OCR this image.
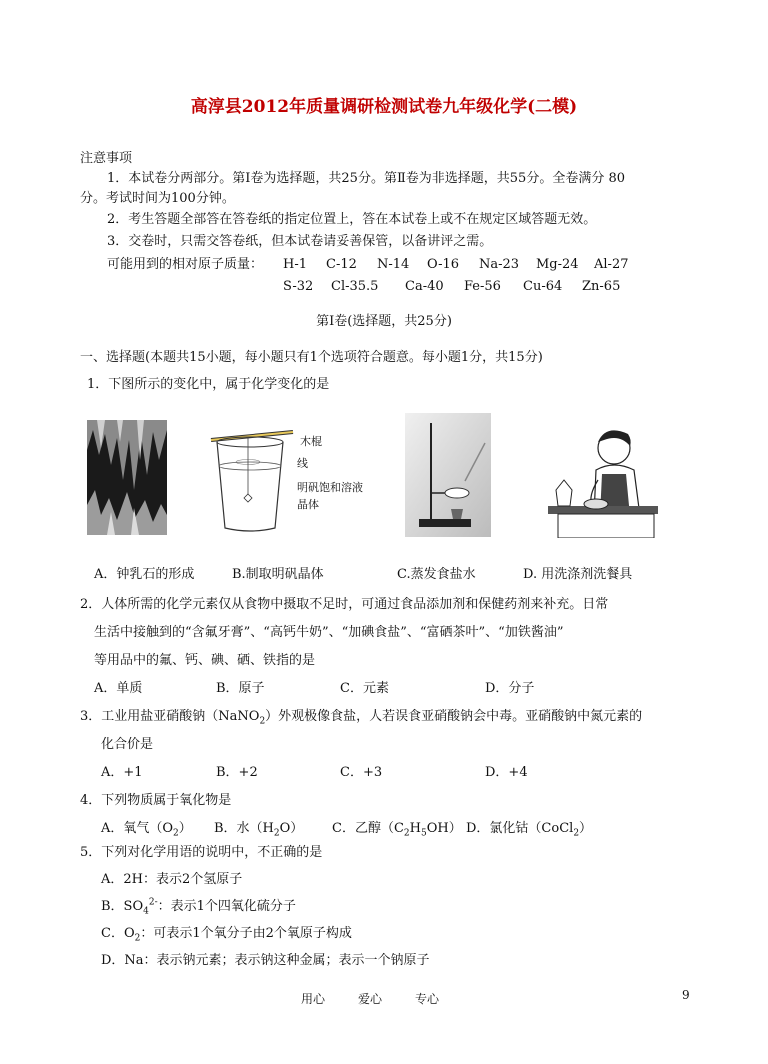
高淳县2012年质量调研检测试卷九年级化学(二模)
注意事项
1．本试卷分两部分。第Ⅰ卷为选择题，共25分。第Ⅱ卷为非选择题，共55分。全卷满分 80
分。考试时间为100分钟。
2．考生答题全部答在答卷纸的指定位置上，答在本试卷上或不在规定区域答题无效。
3．交卷时，只需交答卷纸，但本试卷请妥善保管，以备讲评之需。
可能用到的相对原子质量： H-1 C-12 N-14 O-16 Na-23 Mg-24 Al-27
S-32 Cl-35.5 Ca-40 Fe-56 Cu-64 Zn-65
第Ⅰ卷(选择题，共25分)
一、选择题(本题共15小题，每小题只有1个选项符合题意。每小题1分，共15分)
1．下图所示的变化中，属于化学变化的是
木棍
线
明矾饱和溶液
晶体
A．钟乳石的形成	B.制取明矾晶体	C.蒸发食盐水	D. 用洗涤剂洗餐具
2．人体所需的化学元素仅从食物中摄取不足时，可通过食品添加剂和保健药剂来补充。日常
生活中接触到的“含氟牙膏”、“高钙牛奶”、“加碘食盐”、“富硒茶叶”、“加铁酱油”
等用品中的氟、钙、碘、硒、铁指的是
A．单质	B．原子	C．元素	D．分子
3．工业用盐亚硝酸钠（NaNO$_2$）外观极像食盐，人若误食亚硝酸钠会中毒。亚硝酸钠中氮元素的
化合价是
A．+1	B．+2	C．+3	D．+4
4．下列物质属于氧化物是
A．氧气$(O_2)$ B．水$(H_2O)$ C．乙醇$(C_2H_5OH)$ D．氯化钴（CoCl$_2$）
5．下列对化学用语的说明中，不正确的是
A．2H：表示2个氢原子
B．$SO_4^{2-}$：表示1个四氧化硫分子
C．$O_2$：可表示1个氧分子由2个氧原子构成
D．Na：表示钠元素；表示钠这种金属；表示一个钠原子
用心	爱心	专心	9
